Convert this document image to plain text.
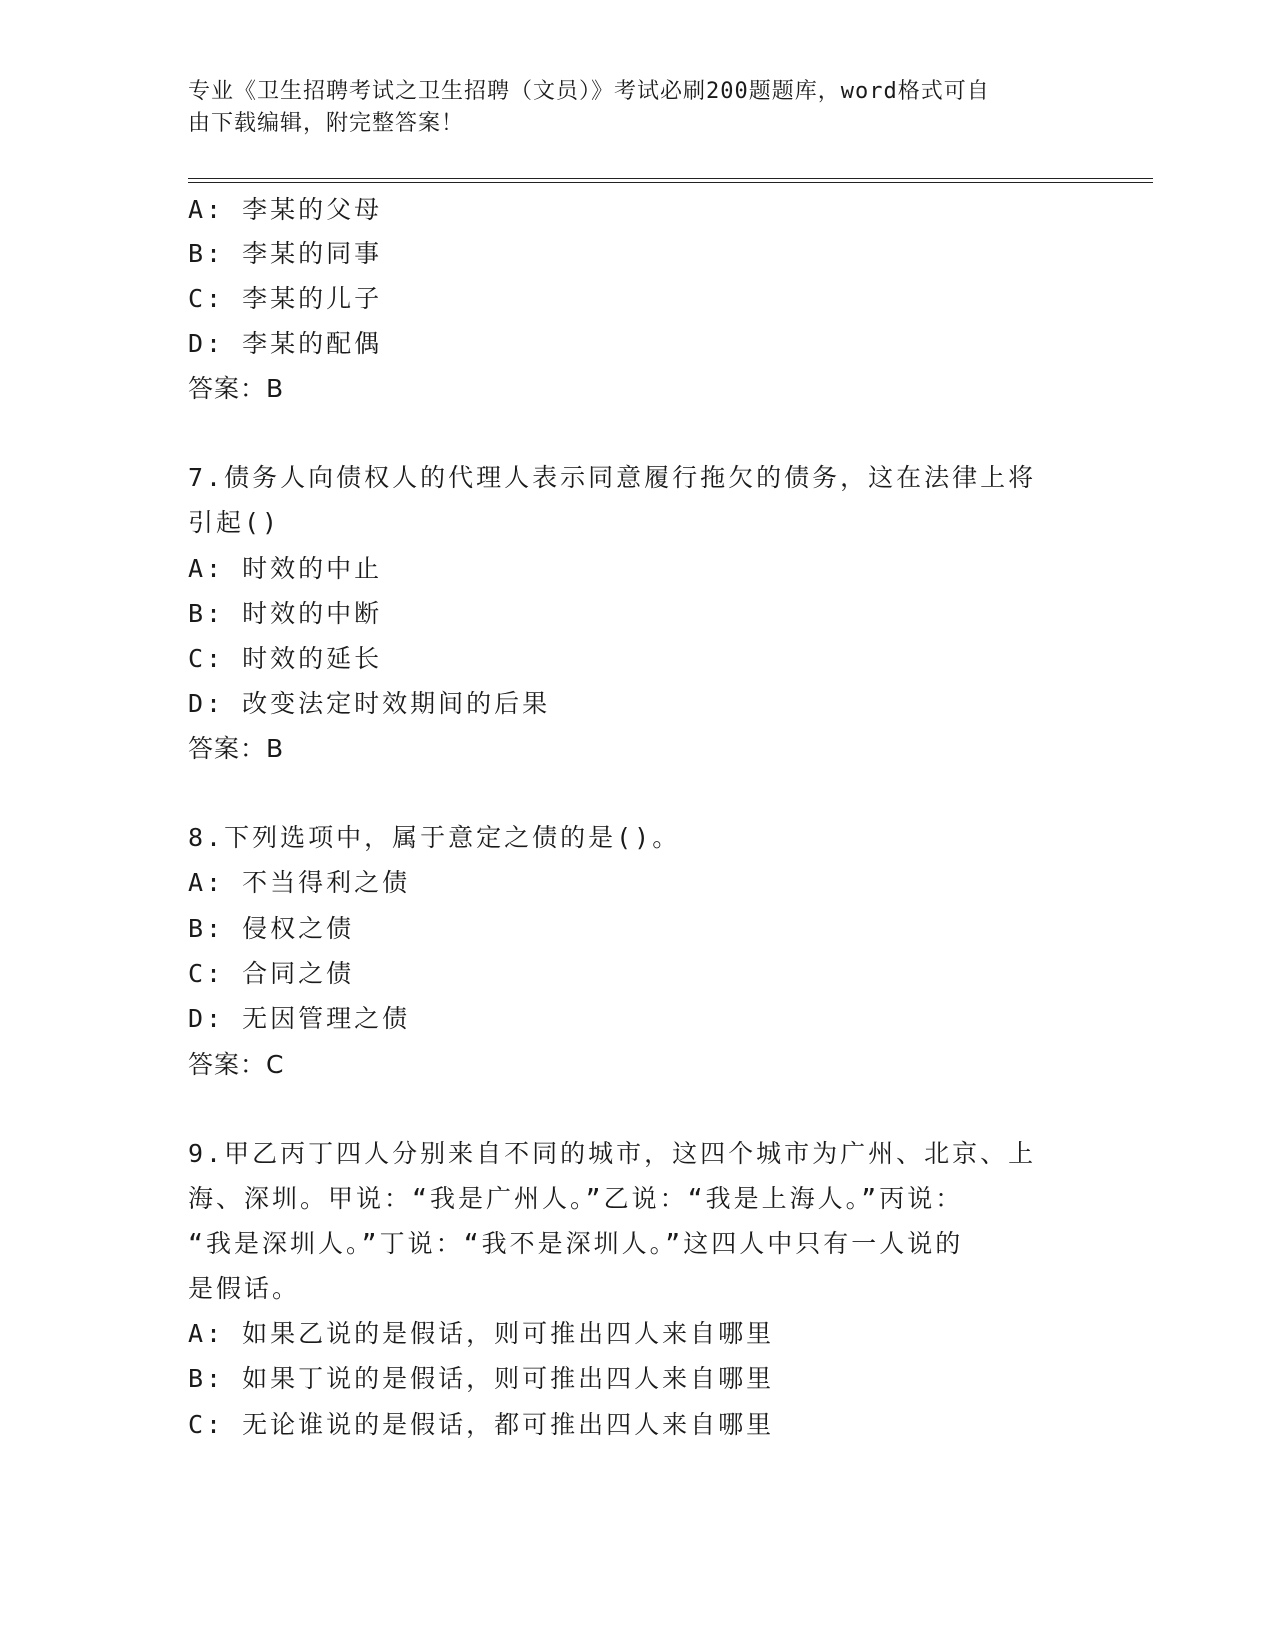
专业《卫生招聘考试之卫生招聘（文员）》考试必刷200题题库，word格式可自
由下载编辑，附完整答案！
A: 李某的父母
B: 李某的同事
C: 李某的儿子
D: 李某的配偶
答案：B
7.债务人向债权人的代理人表示同意履行拖欠的债务，这在法律上将
引起()
A: 时效的中止
B: 时效的中断
C: 时效的延长
D: 改变法定时效期间的后果
答案：B
8.下列选项中，属于意定之债的是()。
A: 不当得利之债
B: 侵权之债
C: 合同之债
D: 无因管理之债
答案：C
9.甲乙丙丁四人分别来自不同的城市，这四个城市为广州、北京、上
海、深圳。甲说：“我是广州人。”乙说：“我是上海人。”丙说：
“我是深圳人。”丁说：“我不是深圳人。”这四人中只有一人说的
是假话。
A: 如果乙说的是假话，则可推出四人来自哪里
B: 如果丁说的是假话，则可推出四人来自哪里
C: 无论谁说的是假话，都可推出四人来自哪里
